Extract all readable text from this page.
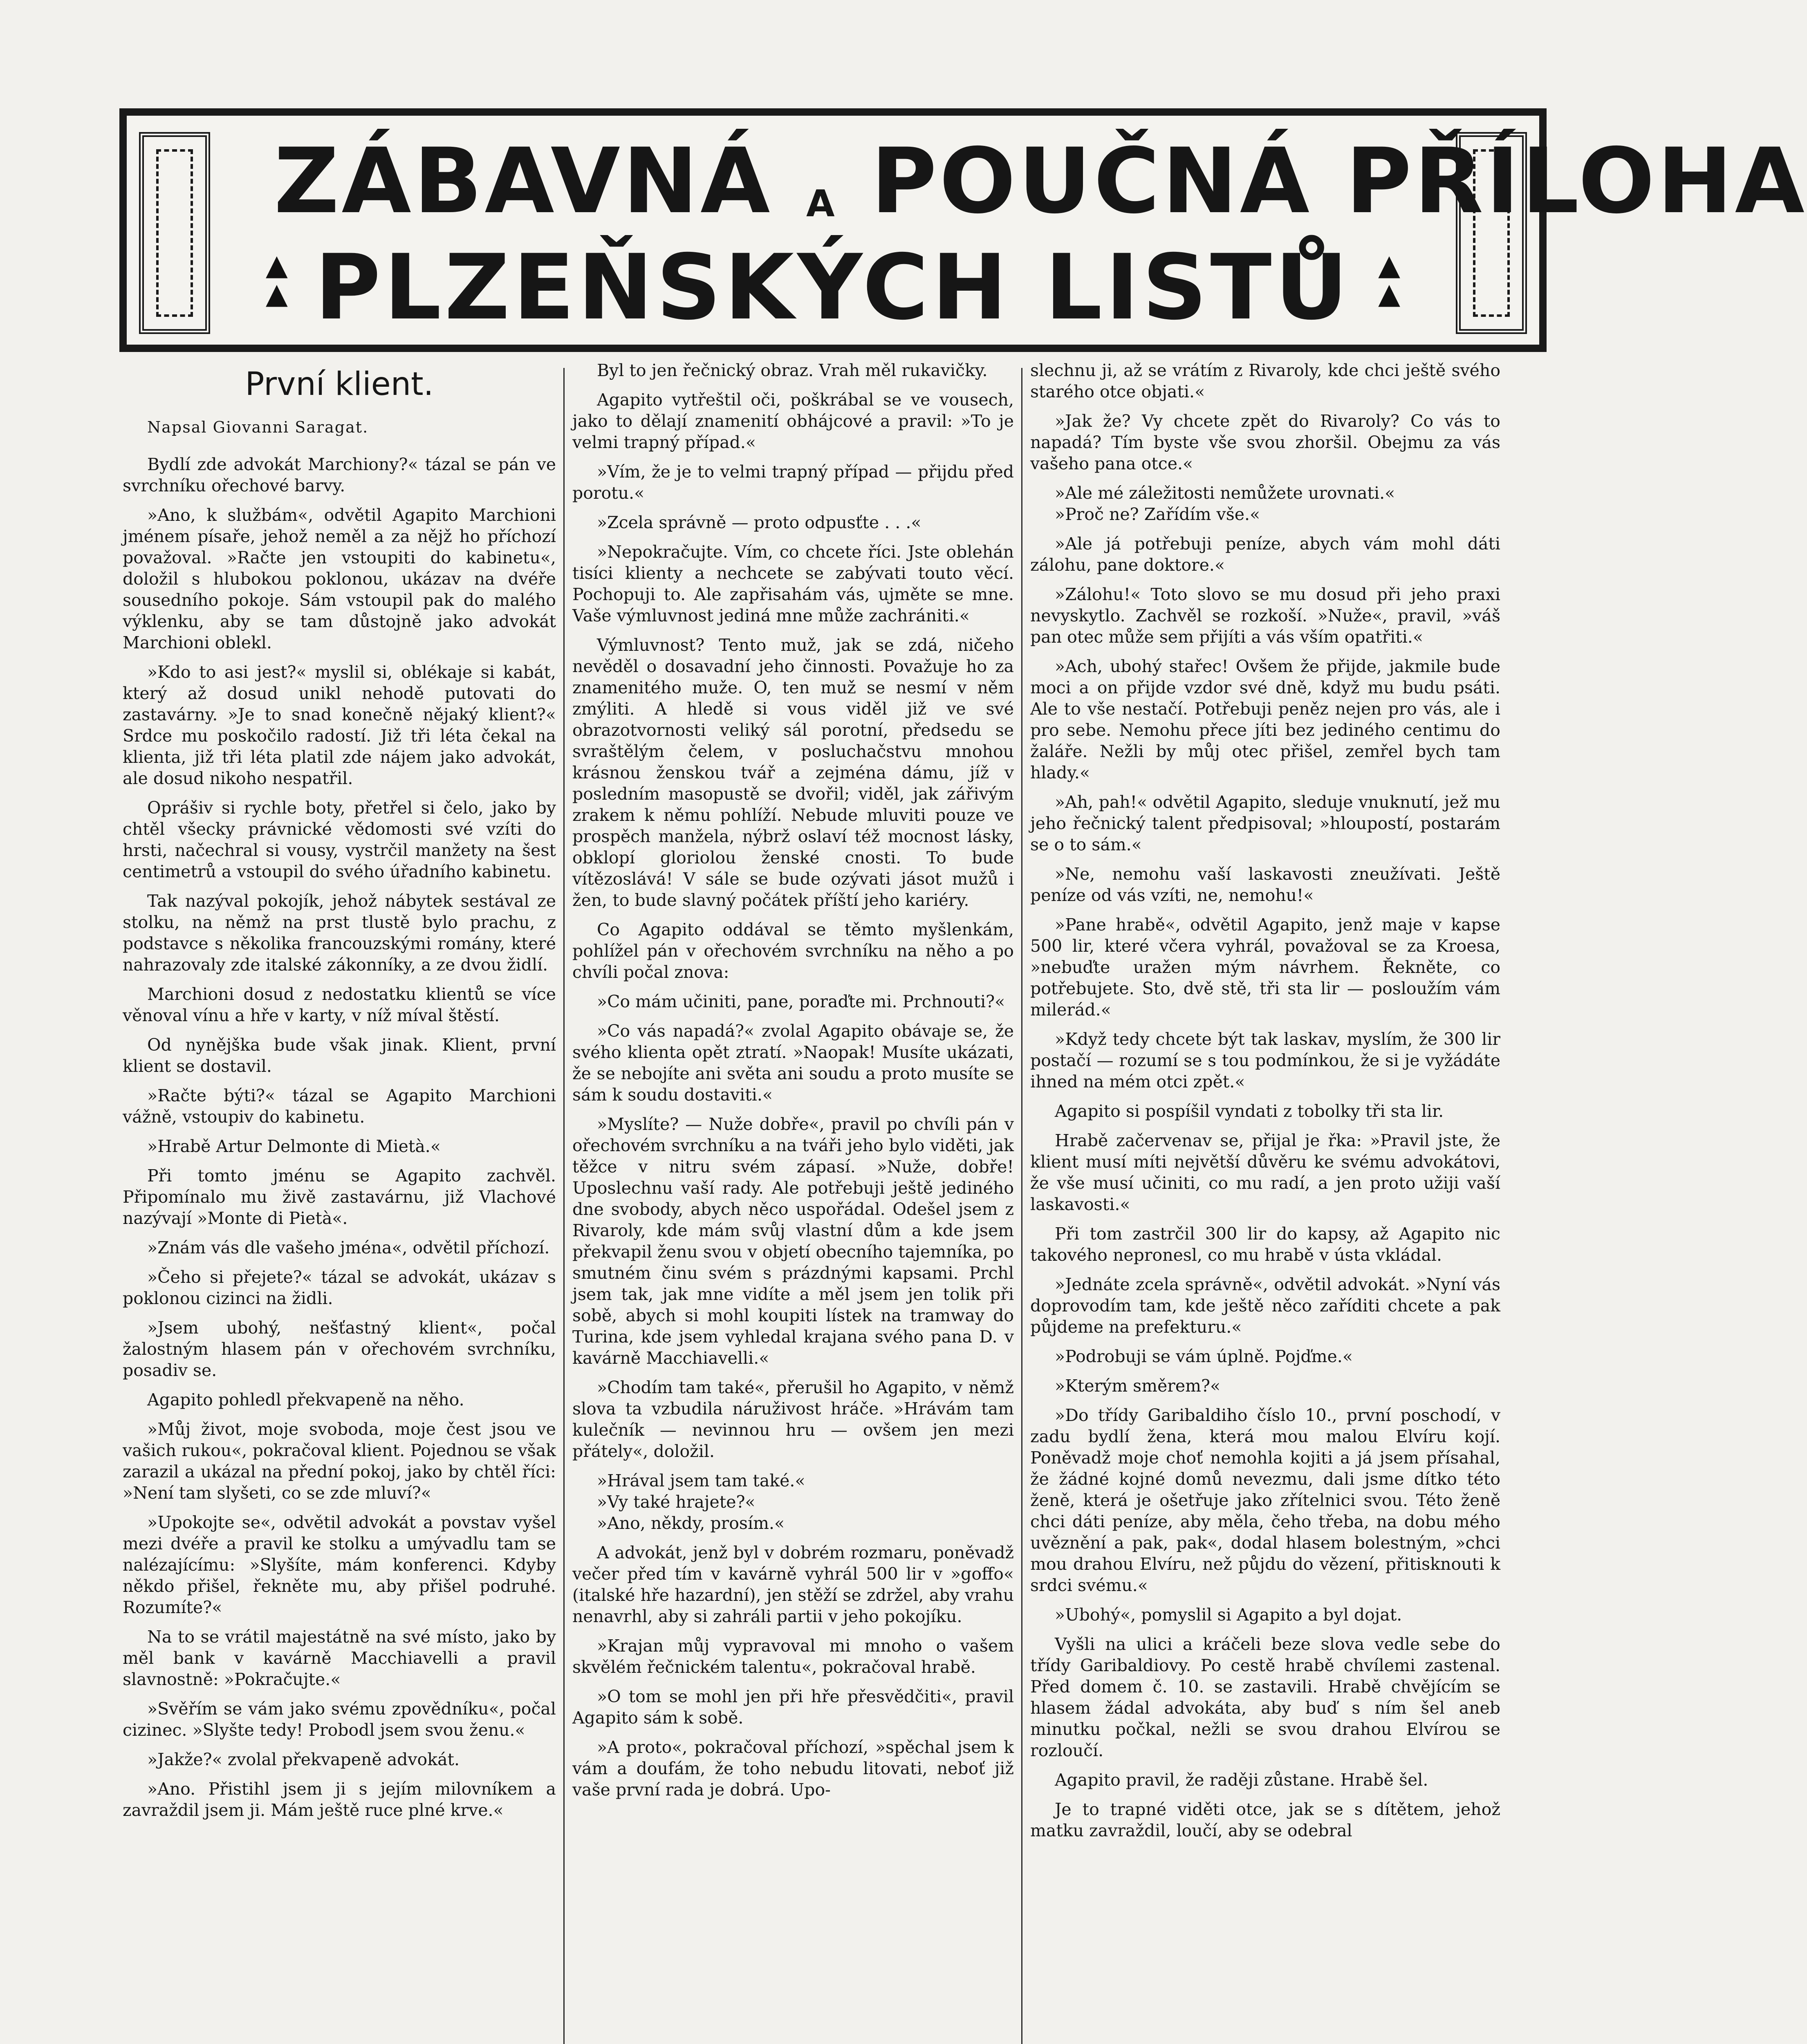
▲
▲
▲
▲
ZÁBAVNÁ A POUČNÁ PŘÍLOHA
PLZEŇSKÝCH LISTŮ
První klient.
Napsal Giovanni Saragat.

Bydlí zde advokát Marchiony?« tázal se pán ve svrchníku ořechové barvy.

»Ano, k službám«, odvětil Agapito Marchioni jménem písaře, jehož neměl a za nějž ho příchozí považoval. »Račte jen vstoupiti do kabinetu«, doložil s hlubokou poklonou, ukázav na dvéře sousedního pokoje. Sám vstoupil pak do malého výklenku, aby se tam důstojně jako advokát Marchioni oblekl.

»Kdo to asi jest?« myslil si, oblékaje si kabát, který až dosud unikl nehodě putovati do zastavárny. »Je to snad konečně nějaký klient?« Srdce mu poskočilo radostí. Již tři léta čekal na klienta, již tři léta platil zde nájem jako advokát, ale dosud nikoho nespatřil.

Oprášiv si rychle boty, přetřel si čelo, jako by chtěl všecky právnické vědomosti své vzíti do hrsti, načechral si vousy, vystrčil manžety na šest centimetrů a vstoupil do svého úřadního kabinetu.

Tak nazýval pokojík, jehož nábytek sestával ze stolku, na němž na prst tlustě bylo prachu, z podstavce s několika francouzskými romány, které nahrazovaly zde italské zákonníky, a ze dvou židlí.

Marchioni dosud z nedostatku klientů se více věnoval vínu a hře v karty, v níž míval štěstí.

Od nynějška bude však jinak. Klient, první klient se dostavil.

»Račte býti?« tázal se Agapito Marchioni vážně, vstoupiv do kabinetu.

»Hrabě Artur Delmonte di Mietà.«

Při tomto jménu se Agapito zachvěl. Připomínalo mu živě zastavárnu, již Vlachové nazývají »Monte di Pietà«.

»Znám vás dle vašeho jména«, odvětil příchozí.

»Čeho si přejete?« tázal se advokát, ukázav s poklonou cizinci na židli.

»Jsem ubohý, nešťastný klient«, počal žalostným hlasem pán v ořechovém svrchníku, posadiv se.

Agapito pohledl překvapeně na něho.

»Můj život, moje svoboda, moje čest jsou ve vašich rukou«, pokračoval klient. Pojednou se však zarazil a ukázal na přední pokoj, jako by chtěl říci: »Není tam slyšeti, co se zde mluví?«

»Upokojte se«, odvětil advokát a povstav vyšel mezi dvéře a pravil ke stolku a umývadlu tam se nalézajícímu: »Slyšíte, mám konferenci. Kdyby někdo přišel, řekněte mu, aby přišel podruhé. Rozumíte?«

Na to se vrátil majestátně na své místo, jako by měl bank v kavárně Macchiavelli a pravil slavnostně: »Pokračujte.«

»Svěřím se vám jako svému zpovědníku«, počal cizinec. »Slyšte tedy! Probodl jsem svou ženu.«

»Jakže?« zvolal překvapeně advokát.

»Ano. Přistihl jsem ji s jejím milovníkem a zavraždil jsem ji. Mám ještě ruce plné krve.«

Byl to jen řečnický obraz. Vrah měl rukavičky.

Agapito vytřeštil oči, poškrábal se ve vousech, jako to dělají znamenití obhájcové a pravil: »To je velmi trapný případ.«

»Vím, že je to velmi trapný případ — přijdu před porotu.«

»Zcela správně — proto odpusťte . . .«

»Nepokračujte. Vím, co chcete říci. Jste oblehán tisíci klienty a nechcete se zabývati touto věcí. Pochopuji to. Ale zapřisahám vás, ujměte se mne. Vaše výmluvnost jediná mne může zachrániti.«

Výmluvnost? Tento muž, jak se zdá, ničeho nevěděl o dosavadní jeho činnosti. Považuje ho za znamenitého muže. O, ten muž se nesmí v něm zmýliti. A hledě si vous viděl již ve své obrazotvornosti veliký sál porotní, předsedu se svraštělým čelem, v posluchačstvu mnohou krásnou ženskou tvář a zejména dámu, jíž v posledním masopustě se dvořil; viděl, jak zářivým zrakem k němu pohlíží. Nebude mluviti pouze ve prospěch manžela, nýbrž oslaví též mocnost lásky, obklopí gloriolou ženské cnosti. To bude vítězoslává! V sále se bude ozývati jásot mužů i žen, to bude slavný počátek příští jeho kariéry.

Co Agapito oddával se těmto myšlenkám, pohlížel pán v ořechovém svrchníku na něho a po chvíli počal znova:

»Co mám učiniti, pane, poraďte mi. Prchnouti?«

»Co vás napadá?« zvolal Agapito obávaje se, že svého klienta opět ztratí. »Naopak! Musíte ukázati, že se nebojíte ani světa ani soudu a proto musíte se sám k soudu dostaviti.«

»Myslíte? — Nuže dobře«, pravil po chvíli pán v ořechovém svrchníku a na tváři jeho bylo viděti, jak těžce v nitru svém zápasí. »Nuže, dobře! Uposlechnu vaší rady. Ale potřebuji ještě jediného dne svobody, abych něco uspořádal. Odešel jsem z Rivaroly, kde mám svůj vlastní dům a kde jsem překvapil ženu svou v objetí obecního tajemníka, po smutném činu svém s prázdnými kapsami. Prchl jsem tak, jak mne vidíte a měl jsem jen tolik při sobě, abych si mohl koupiti lístek na tramway do Turina, kde jsem vyhledal krajana svého pana D. v kavárně Macchiavelli.«

»Chodím tam také«, přerušil ho Agapito, v němž slova ta vzbudila náruživost hráče. »Hrávám tam kulečník — nevinnou hru — ovšem jen mezi přátely«, doložil.

»Hrával jsem tam také.«

»Vy také hrajete?«

»Ano, někdy, prosím.«

A advokát, jenž byl v dobrém rozmaru, poněvadž večer před tím v kavárně vyhrál 500 lir v »goffo« (italské hře hazardní), jen stěží se zdržel, aby vrahu nenavrhl, aby si zahráli partii v jeho pokojíku.

»Krajan můj vypravoval mi mnoho o vašem skvělém řečnickém talentu«, pokračoval hrabě.

»O tom se mohl jen při hře přesvědčiti«, pravil Agapito sám k sobě.

»A proto«, pokračoval příchozí, »spěchal jsem k vám a doufám, že toho nebudu litovati, neboť již vaše první rada je dobrá. Upo-

slechnu ji, až se vrátím z Rivaroly, kde chci ještě svého starého otce objati.«

»Jak že? Vy chcete zpět do Rivaroly? Co vás to napadá? Tím byste vše svou zhoršil. Obejmu za vás vašeho pana otce.«

»Ale mé záležitosti nemůžete urovnati.«

»Proč ne? Zařídím vše.«

»Ale já potřebuji peníze, abych vám mohl dáti zálohu, pane doktore.«

»Zálohu!« Toto slovo se mu dosud při jeho praxi nevyskytlo. Zachvěl se rozkoší. »Nuže«, pravil, »váš pan otec může sem přijíti a vás vším opatřiti.«

»Ach, ubohý stařec! Ovšem že přijde, jakmile bude moci a on přijde vzdor své dně, když mu budu psáti. Ale to vše nestačí. Potřebuji peněz nejen pro vás, ale i pro sebe. Nemohu přece jíti bez jediného centimu do žaláře. Nežli by můj otec přišel, zemřel bych tam hlady.«

»Ah, pah!« odvětil Agapito, sleduje vnuknutí, jež mu jeho řečnický talent předpisoval; »hloupostí, postarám se o to sám.«

»Ne, nemohu vaší laskavosti zneužívati. Ještě peníze od vás vzíti, ne, nemohu!«

»Pane hrabě«, odvětil Agapito, jenž maje v kapse 500 lir, které včera vyhrál, považoval se za Kroesa, »nebuďte uražen mým návrhem. Řekněte, co potřebujete. Sto, dvě stě, tři sta lir — posloužím vám milerád.«

»Když tedy chcete být tak laskav, myslím, že 300 lir postačí — rozumí se s tou podmínkou, že si je vyžádáte ihned na mém otci zpět.«

Agapito si pospíšil vyndati z tobolky tři sta lir.

Hrabě začervenav se, přijal je řka: »Pravil jste, že klient musí míti největší důvěru ke svému advokátovi, že vše musí učiniti, co mu radí, a jen proto užiji vaší laskavosti.«

Při tom zastrčil 300 lir do kapsy, až Agapito nic takového nepronesl, co mu hrabě v ústa vkládal.

»Jednáte zcela správně«, odvětil advokát. »Nyní vás doprovodím tam, kde ještě něco zaříditi chcete a pak půjdeme na prefekturu.«

»Podrobuji se vám úplně. Pojďme.«

»Kterým směrem?«

»Do třídy Garibaldiho číslo 10., první poschodí, v zadu bydlí žena, která mou malou Elvíru kojí. Poněvadž moje choť nemohla kojiti a já jsem přísahal, že žádné kojné domů nevezmu, dali jsme dítko této ženě, která je ošetřuje jako zřítelnici svou. Této ženě chci dáti peníze, aby měla, čeho třeba, na dobu mého uvěznění a pak, pak«, dodal hlasem bolestným, »chci mou drahou Elvíru, než půjdu do vězení, přitisknouti k srdci svému.«

»Ubohý«, pomyslil si Agapito a byl dojat.

Vyšli na ulici a kráčeli beze slova vedle sebe do třídy Garibaldiovy. Po cestě hrabě chvílemi zastenal. Před domem č. 10. se zastavili. Hrabě chvějícím se hlasem žádal advokáta, aby buď s ním šel aneb minutku počkal, nežli se svou drahou Elvírou se rozloučí.

Agapito pravil, že raději zůstane. Hrabě šel.

Je to trapné viděti otce, jak se s dítětem, jehož matku zavraždil, loučí, aby se odebral
